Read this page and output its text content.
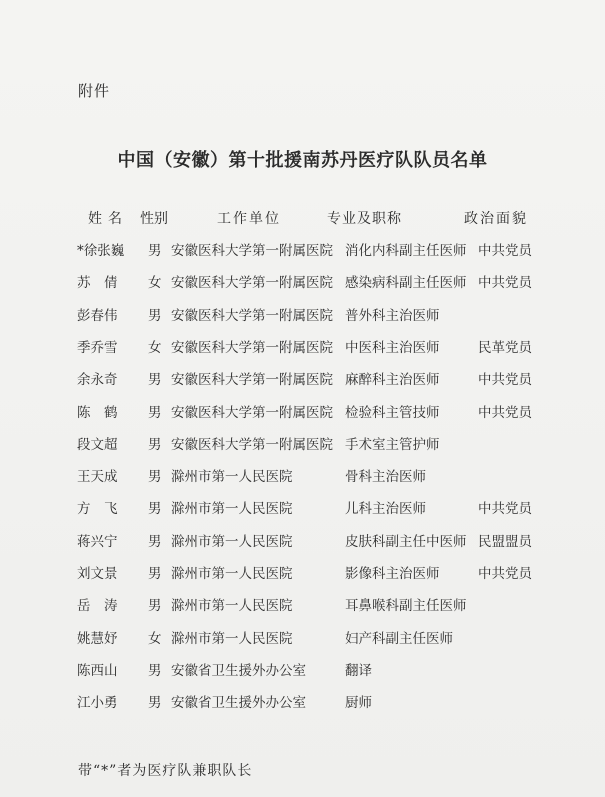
附件
中国（安徽）第十批援南苏丹医疗队队员名单
姓名 性别	工作单位	专业及职称	政治面貌
*徐张巍 男 安徽医科大学第一附属医院 消化内科副主任医师 中共党员
苏　倩 女 安徽医科大学第一附属医院 感染病科副主任医师 中共党员
彭春伟 男 安徽医科大学第一附属医院 普外科主治医师
季乔雪 女 安徽医科大学第一附属医院 中医科主治医师	民革党员
余永奇 男 安徽医科大学第一附属医院 麻醉科主治医师	中共党员
陈　鹤 男 安徽医科大学第一附属医院 检验科主管技师	中共党员
段文超 男 安徽医科大学第一附属医院 手术室主管护师
王天成 男 滁州市第一人民医院	骨科主治医师
方　飞 男 滁州市第一人民医院	儿科主治医师	中共党员
蒋兴宁 男 滁州市第一人民医院	皮肤科副主任中医师 民盟盟员
刘文景 男 滁州市第一人民医院	影像科主治医师	中共党员
岳　涛 男 滁州市第一人民医院	耳鼻喉科副主任医师
姚慧妤 女 滁州市第一人民医院	妇产科副主任医师
陈西山 男 安徽省卫生援外办公室	翻译
江小勇 男 安徽省卫生援外办公室	厨师
带“*”者为医疗队兼职队长
